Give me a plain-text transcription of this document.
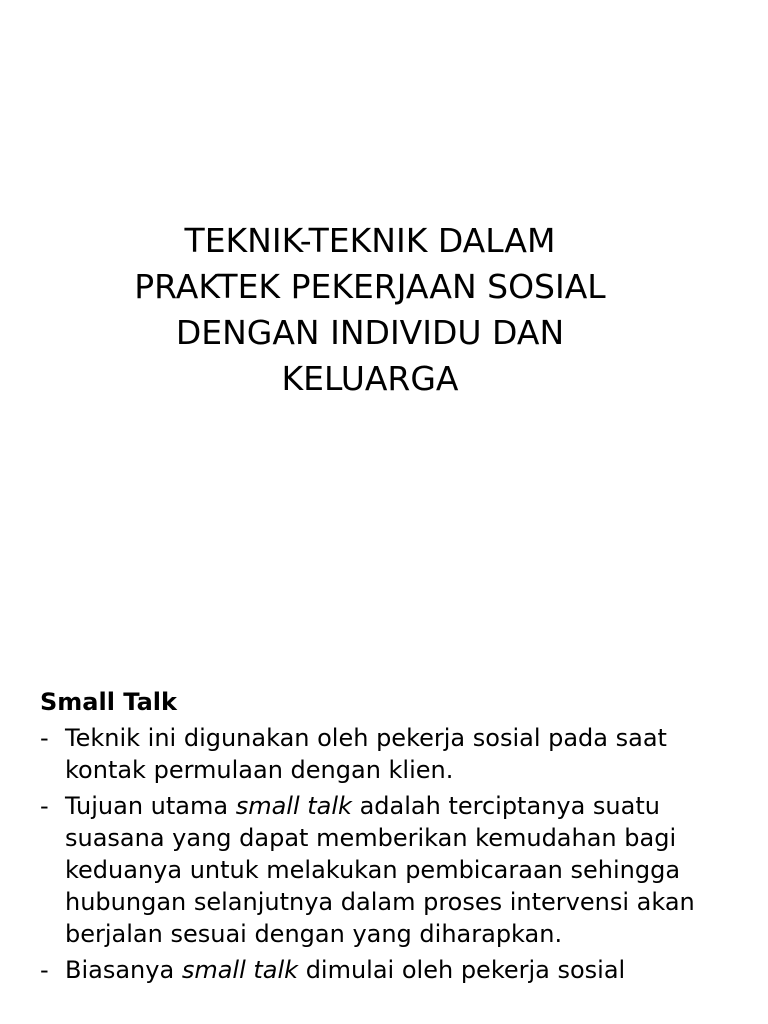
TEKNIK-TEKNIK DALAM
PRAKTEK PEKERJAAN SOSIAL
DENGAN INDIVIDU DAN
KELUARGA
Small Talk
- Teknik ini digunakan oleh pekerja sosial pada saat kontak permulaan dengan klien.
- Tujuan utama small talk adalah terciptanya suatu suasana yang dapat memberikan kemudahan bagi keduanya untuk melakukan pembicaraan sehingga hubungan selanjutnya dalam proses intervensi akan berjalan sesuai dengan yang diharapkan.
- Biasanya small talk dimulai oleh pekerja sosial
